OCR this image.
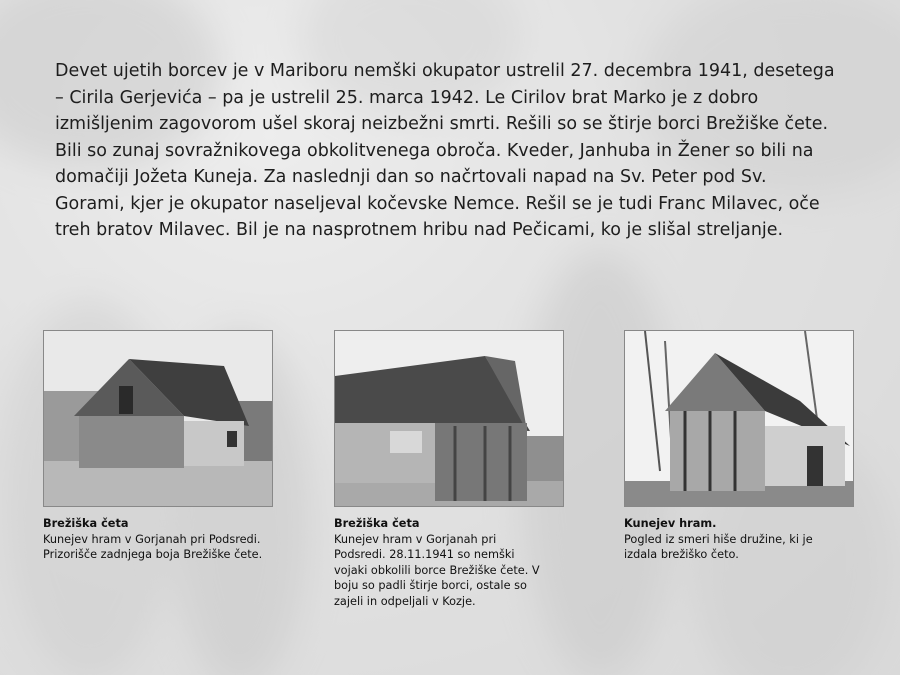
Devet ujetih borcev je v Mariboru nemški okupator ustrelil 27. decembra 1941, desetega – Cirila Gerjevića – pa je ustrelil 25. marca 1942. Le Cirilov brat Marko je z dobro izmišljenim zagovorom ušel skoraj neizbežni smrti. Rešili so se štirje borci Brežiške čete. Bili so zunaj sovražnikovega obkolitvenega obroča. Kveder, Janhuba in Žener so bili na domačiji Jožeta Kuneja. Za naslednji dan so načrtovali napad na Sv. Peter pod Sv. Gorami, kjer je okupator naseljeval kočevske Nemce. Rešil se je tudi Franc Milavec, oče treh bratov Milavec. Bil je na nasprotnem hribu nad Pečicami, ko je slišal streljanje.
Brežiška četa
Kunejev hram v Gorjanah pri Podsredi. Prizorišče zadnjega boja Brežiške čete.
Brežiška četa
Kunejev hram v Gorjanah pri Podsredi. 28.11.1941 so nemški vojaki obkolili borce Brežiške čete. V boju so padli štirje borci, ostale so zajeli in odpeljali v Kozje.
Kunejev hram.
Pogled iz smeri hiše družine, ki je izdala brežiško četo.
